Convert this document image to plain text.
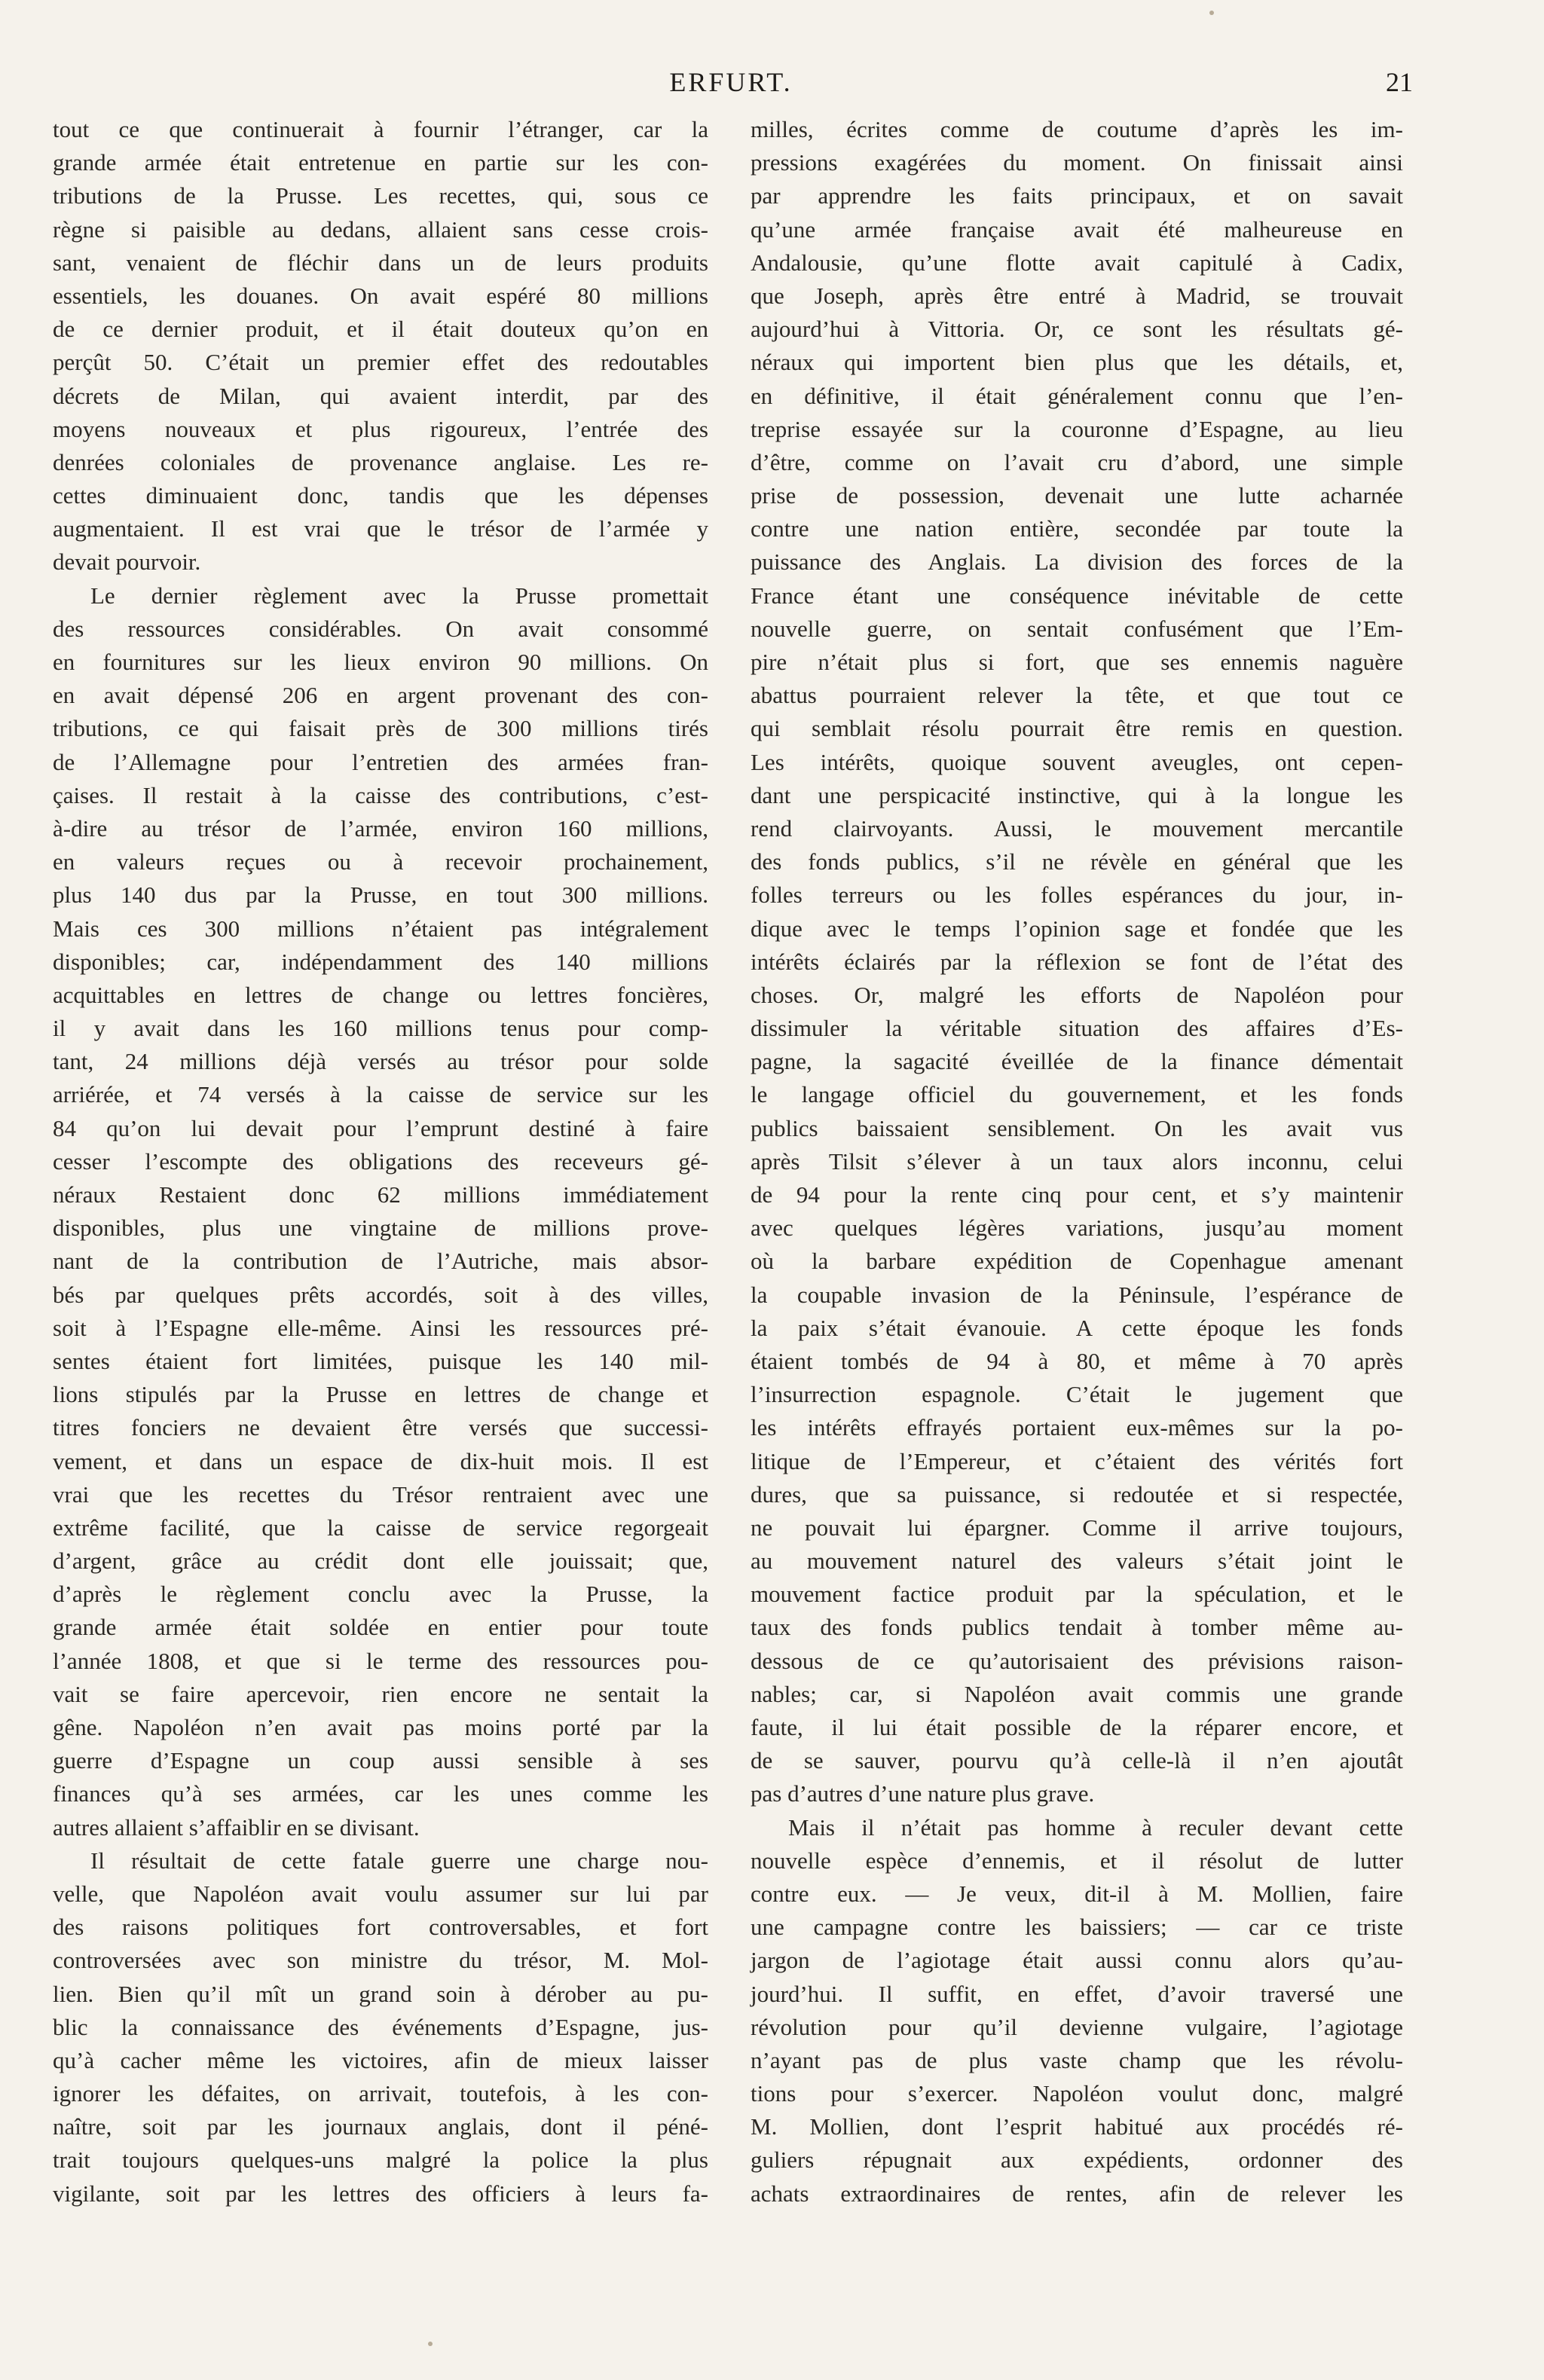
ERFURT.	21
tout ce que continuerait à fournir l’étranger, car la
grande armée était entretenue en partie sur les con-
tributions de la Prusse. Les recettes, qui, sous ce
règne si paisible au dedans, allaient sans cesse crois-
sant, venaient de fléchir dans un de leurs produits
essentiels, les douanes. On avait espéré 80 millions
de ce dernier produit, et il était douteux qu’on en
perçût 50. C’était un premier effet des redoutables
décrets de Milan, qui avaient interdit, par des
moyens nouveaux et plus rigoureux, l’entrée des
denrées coloniales de provenance anglaise. Les re-
cettes diminuaient donc, tandis que les dépenses
augmentaient. Il est vrai que le trésor de l’armée y
devait pourvoir.
Le dernier règlement avec la Prusse promettait
des ressources considérables. On avait consommé
en fournitures sur les lieux environ 90 millions. On
en avait dépensé 206 en argent provenant des con-
tributions, ce qui faisait près de 300 millions tirés
de l’Allemagne pour l’entretien des armées fran-
çaises. Il restait à la caisse des contributions, c’est-
à-dire au trésor de l’armée, environ 160 millions,
en valeurs reçues ou à recevoir prochainement,
plus 140 dus par la Prusse, en tout 300 millions.
Mais ces 300 millions n’étaient pas intégralement
disponibles; car, indépendamment des 140 millions
acquittables en lettres de change ou lettres foncières,
il y avait dans les 160 millions tenus pour comp-
tant, 24 millions déjà versés au trésor pour solde
arriérée, et 74 versés à la caisse de service sur les
84 qu’on lui devait pour l’emprunt destiné à faire
cesser l’escompte des obligations des receveurs gé-
néraux Restaient donc 62 millions immédiatement
disponibles, plus une vingtaine de millions prove-
nant de la contribution de l’Autriche, mais absor-
bés par quelques prêts accordés, soit à des villes,
soit à l’Espagne elle-même. Ainsi les ressources pré-
sentes étaient fort limitées, puisque les 140 mil-
lions stipulés par la Prusse en lettres de change et
titres fonciers ne devaient être versés que successi-
vement, et dans un espace de dix-huit mois. Il est
vrai que les recettes du Trésor rentraient avec une
extrême facilité, que la caisse de service regorgeait
d’argent, grâce au crédit dont elle jouissait; que,
d’après le règlement conclu avec la Prusse, la
grande armée était soldée en entier pour toute
l’année 1808, et que si le terme des ressources pou-
vait se faire apercevoir, rien encore ne sentait la
gêne. Napoléon n’en avait pas moins porté par la
guerre d’Espagne un coup aussi sensible à ses
finances qu’à ses armées, car les unes comme les
autres allaient s’affaiblir en se divisant.
Il résultait de cette fatale guerre une charge nou-
velle, que Napoléon avait voulu assumer sur lui par
des raisons politiques fort controversables, et fort
controversées avec son ministre du trésor, M. Mol-
lien. Bien qu’il mît un grand soin à dérober au pu-
blic la connaissance des événements d’Espagne, jus-
qu’à cacher même les victoires, afin de mieux laisser
ignorer les défaites, on arrivait, toutefois, à les con-
naître, soit par les journaux anglais, dont il péné-
trait toujours quelques-uns malgré la police la plus
vigilante, soit par les lettres des officiers à leurs fa-
milles, écrites comme de coutume d’après les im-
pressions exagérées du moment. On finissait ainsi
par apprendre les faits principaux, et on savait
qu’une armée française avait été malheureuse en
Andalousie, qu’une flotte avait capitulé à Cadix,
que Joseph, après être entré à Madrid, se trouvait
aujourd’hui à Vittoria. Or, ce sont les résultats gé-
néraux qui importent bien plus que les détails, et,
en définitive, il était généralement connu que l’en-
treprise essayée sur la couronne d’Espagne, au lieu
d’être, comme on l’avait cru d’abord, une simple
prise de possession, devenait une lutte acharnée
contre une nation entière, secondée par toute la
puissance des Anglais. La division des forces de la
France étant une conséquence inévitable de cette
nouvelle guerre, on sentait confusément que l’Em-
pire n’était plus si fort, que ses ennemis naguère
abattus pourraient relever la tête, et que tout ce
qui semblait résolu pourrait être remis en question.
Les intérêts, quoique souvent aveugles, ont cepen-
dant une perspicacité instinctive, qui à la longue les
rend clairvoyants. Aussi, le mouvement mercantile
des fonds publics, s’il ne révèle en général que les
folles terreurs ou les folles espérances du jour, in-
dique avec le temps l’opinion sage et fondée que les
intérêts éclairés par la réflexion se font de l’état des
choses. Or, malgré les efforts de Napoléon pour
dissimuler la véritable situation des affaires d’Es-
pagne, la sagacité éveillée de la finance démentait
le langage officiel du gouvernement, et les fonds
publics baissaient sensiblement. On les avait vus
après Tilsit s’élever à un taux alors inconnu, celui
de 94 pour la rente cinq pour cent, et s’y maintenir
avec quelques légères variations, jusqu’au moment
où la barbare expédition de Copenhague amenant
la coupable invasion de la Péninsule, l’espérance de
la paix s’était évanouie. A cette époque les fonds
étaient tombés de 94 à 80, et même à 70 après
l’insurrection espagnole. C’était le jugement que
les intérêts effrayés portaient eux-mêmes sur la po-
litique de l’Empereur, et c’étaient des vérités fort
dures, que sa puissance, si redoutée et si respectée,
ne pouvait lui épargner. Comme il arrive toujours,
au mouvement naturel des valeurs s’était joint le
mouvement factice produit par la spéculation, et le
taux des fonds publics tendait à tomber même au-
dessous de ce qu’autorisaient des prévisions raison-
nables; car, si Napoléon avait commis une grande
faute, il lui était possible de la réparer encore, et
de se sauver, pourvu qu’à celle-là il n’en ajoutât
pas d’autres d’une nature plus grave.
Mais il n’était pas homme à reculer devant cette
nouvelle espèce d’ennemis, et il résolut de lutter
contre eux. — Je veux, dit-il à M. Mollien, faire
une campagne contre les baissiers; — car ce triste
jargon de l’agiotage était aussi connu alors qu’au-
jourd’hui. Il suffit, en effet, d’avoir traversé une
révolution pour qu’il devienne vulgaire, l’agiotage
n’ayant pas de plus vaste champ que les révolu-
tions pour s’exercer. Napoléon voulut donc, malgré
M. Mollien, dont l’esprit habitué aux procédés ré-
guliers répugnait aux expédients, ordonner des
achats extraordinaires de rentes, afin de relever les
